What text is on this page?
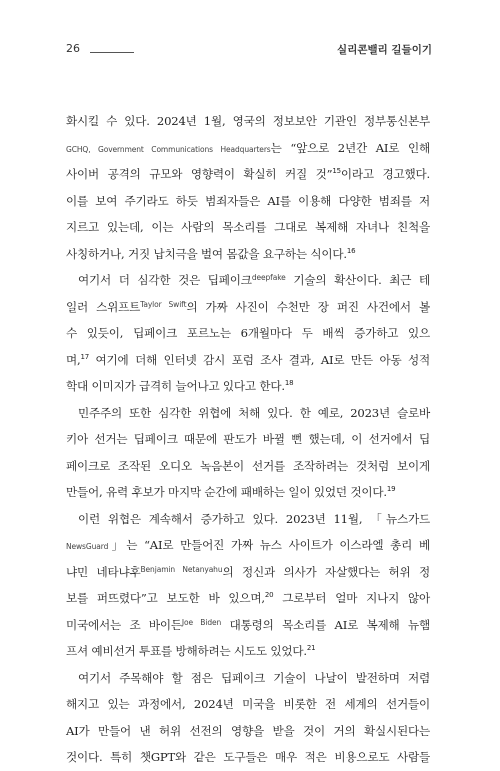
26	실리콘밸리 길들이기
화시킬 수 있다. 2024년 1월, 영국의 정보보안 기관인 정부통신본부
GCHQ, Government Communications Headquarters는 “앞으로 2년간 AI로 인해
사이버 공격의 규모와 영향력이 확실히 커질 것”$^{15}$이라고 경고했다.
이를 보여 주기라도 하듯 범죄자들은 AI를 이용해 다양한 범죄를 저
지르고 있는데, 이는 사람의 목소리를 그대로 복제해 자녀나 친척을
사칭하거나, 거짓 납치극을 벌여 몸값을 요구하는 식이다.$^{16}$
여기서 더 심각한 것은 딥페이크$^{deepfake}$ 기술의 확산이다. 최근 테
일러 스위프트$^{Taylor Swift}$의 가짜 사진이 수천만 장 퍼진 사건에서 볼
수 있듯이, 딥페이크 포르노는 6개월마다 두 배씩 증가하고 있으
며,$^{17}$ 여기에 더해 인터넷 감시 포럼 조사 결과, AI로 만든 아동 성적
학대 이미지가 급격히 늘어나고 있다고 한다.$^{18}$
민주주의 또한 심각한 위협에 처해 있다. 한 예로, 2023년 슬로바
키아 선거는 딥페이크 때문에 판도가 바뀔 뻔 했는데, 이 선거에서 딥
페이크로 조작된 오디오 녹음본이 선거를 조작하려는 것처럼 보이게
만들어, 유력 후보가 마지막 순간에 패배하는 일이 있었던 것이다.$^{19}$
이런 위협은 계속해서 증가하고 있다. 2023년 11월, 「뉴스가드
NewsGuard」는 “AI로 만들어진 가짜 뉴스 사이트가 이스라엘 총리 베
냐민 네타냐후$^{Benjamin Netanyahu}$의 정신과 의사가 자살했다는 허위 정
보를 퍼뜨렸다”고 보도한 바 있으며,$^{20}$ 그로부터 얼마 지나지 않아
미국에서는 조 바이든$^{Joe Biden}$ 대통령의 목소리를 AI로 복제해 뉴햄
프셔 예비선거 투표를 방해하려는 시도도 있었다.$^{21}$
여기서 주목해야 할 점은 딥페이크 기술이 나날이 발전하며 저렴
해지고 있는 과정에서, 2024년 미국을 비롯한 전 세계의 선거들이
AI가 만들어 낸 허위 선전의 영향을 받을 것이 거의 확실시된다는
것이다. 특히 챗GPT와 같은 도구들은 매우 적은 비용으로도 사람들
